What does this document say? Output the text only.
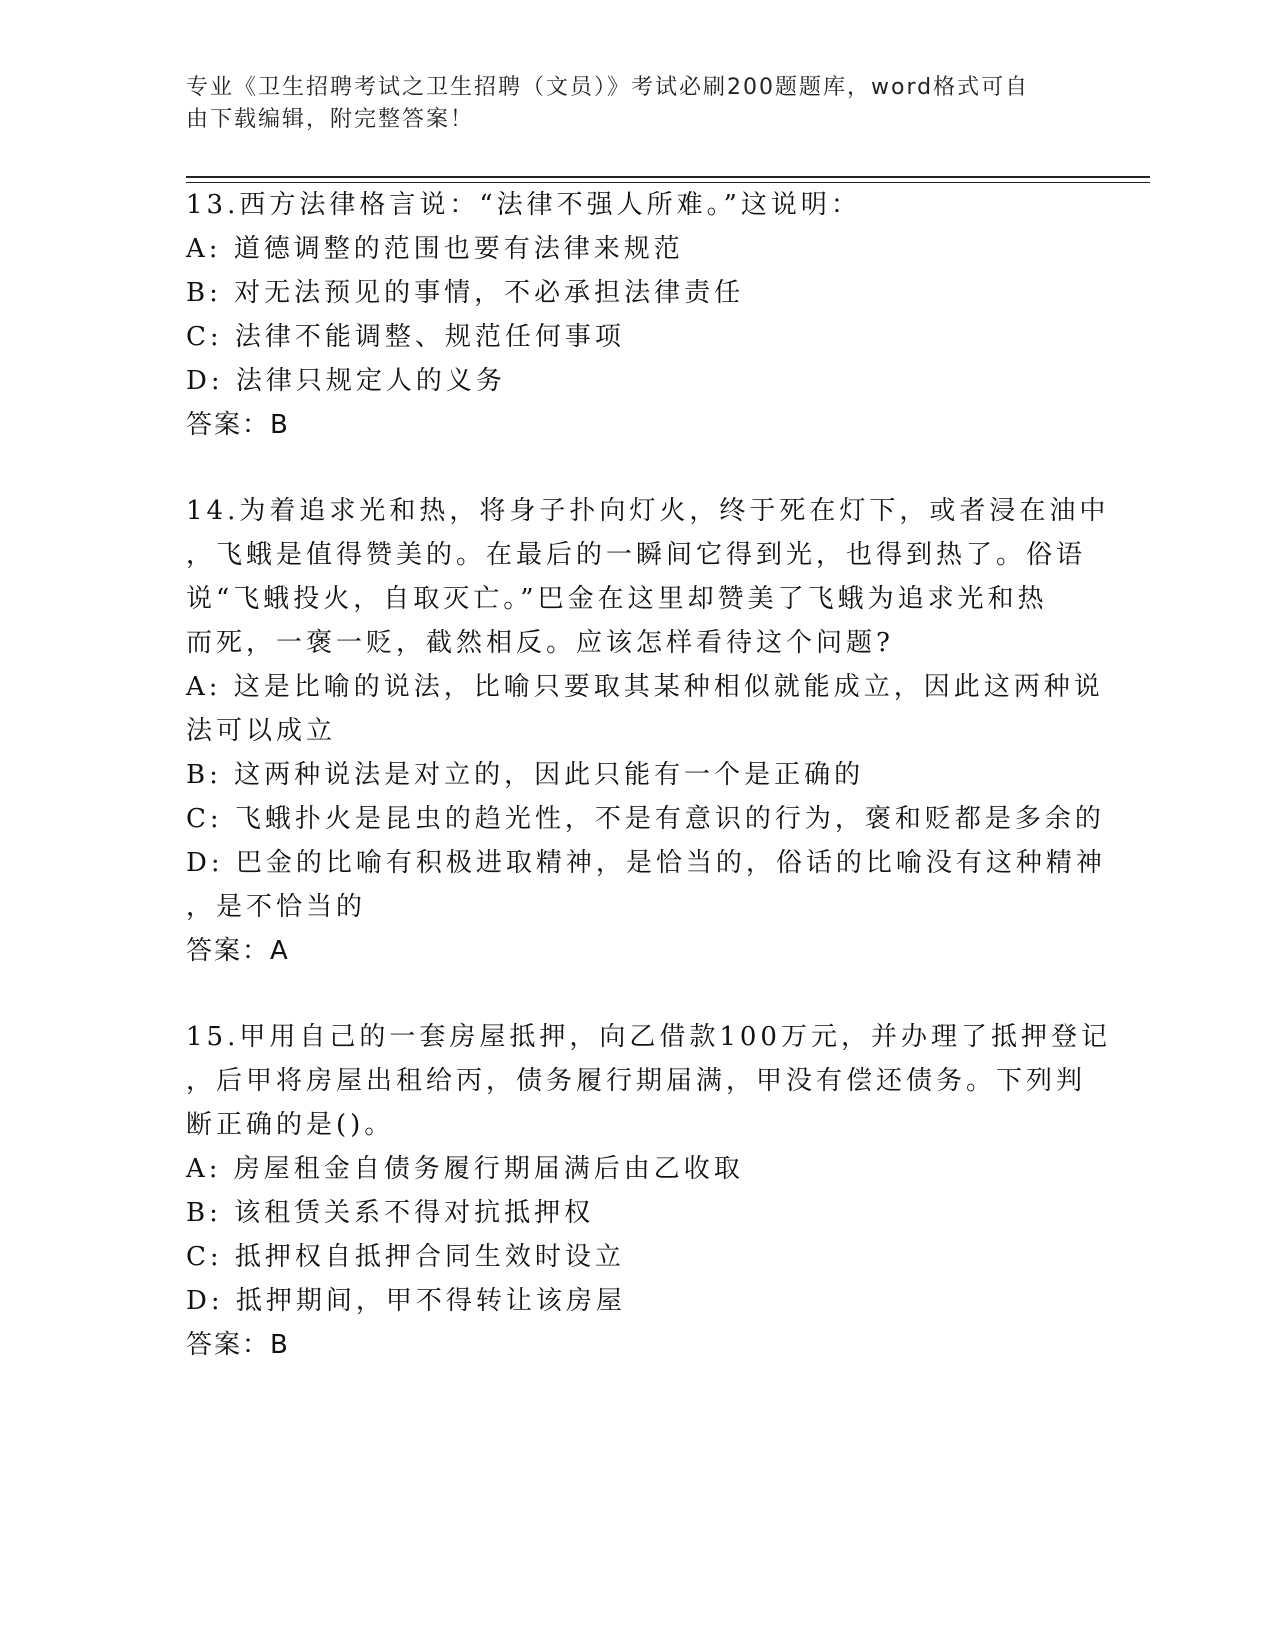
专业《卫生招聘考试之卫生招聘（文员）》考试必刷200题题库，word格式可自
由下载编辑，附完整答案！
13.西方法律格言说：“法律不强人所难。”这说明：
A: 道德调整的范围也要有法律来规范
B: 对无法预见的事情，不必承担法律责任
C: 法律不能调整、规范任何事项
D: 法律只规定人的义务
答案：B
14.为着追求光和热，将身子扑向灯火，终于死在灯下，或者浸在油中
，飞蛾是值得赞美的。在最后的一瞬间它得到光，也得到热了。俗语
说“飞蛾投火，自取灭亡。”巴金在这里却赞美了飞蛾为追求光和热
而死，一褒一贬，截然相反。应该怎样看待这个问题?
A: 这是比喻的说法，比喻只要取其某种相似就能成立，因此这两种说
法可以成立
B: 这两种说法是对立的，因此只能有一个是正确的
C: 飞蛾扑火是昆虫的趋光性，不是有意识的行为，褒和贬都是多余的
D: 巴金的比喻有积极进取精神，是恰当的，俗话的比喻没有这种精神
，是不恰当的
答案：A
15.甲用自己的一套房屋抵押，向乙借款100万元，并办理了抵押登记
，后甲将房屋出租给丙，债务履行期届满，甲没有偿还债务。下列判
断正确的是()。
A: 房屋租金自债务履行期届满后由乙收取
B: 该租赁关系不得对抗抵押权
C: 抵押权自抵押合同生效时设立
D: 抵押期间，甲不得转让该房屋
答案：B
